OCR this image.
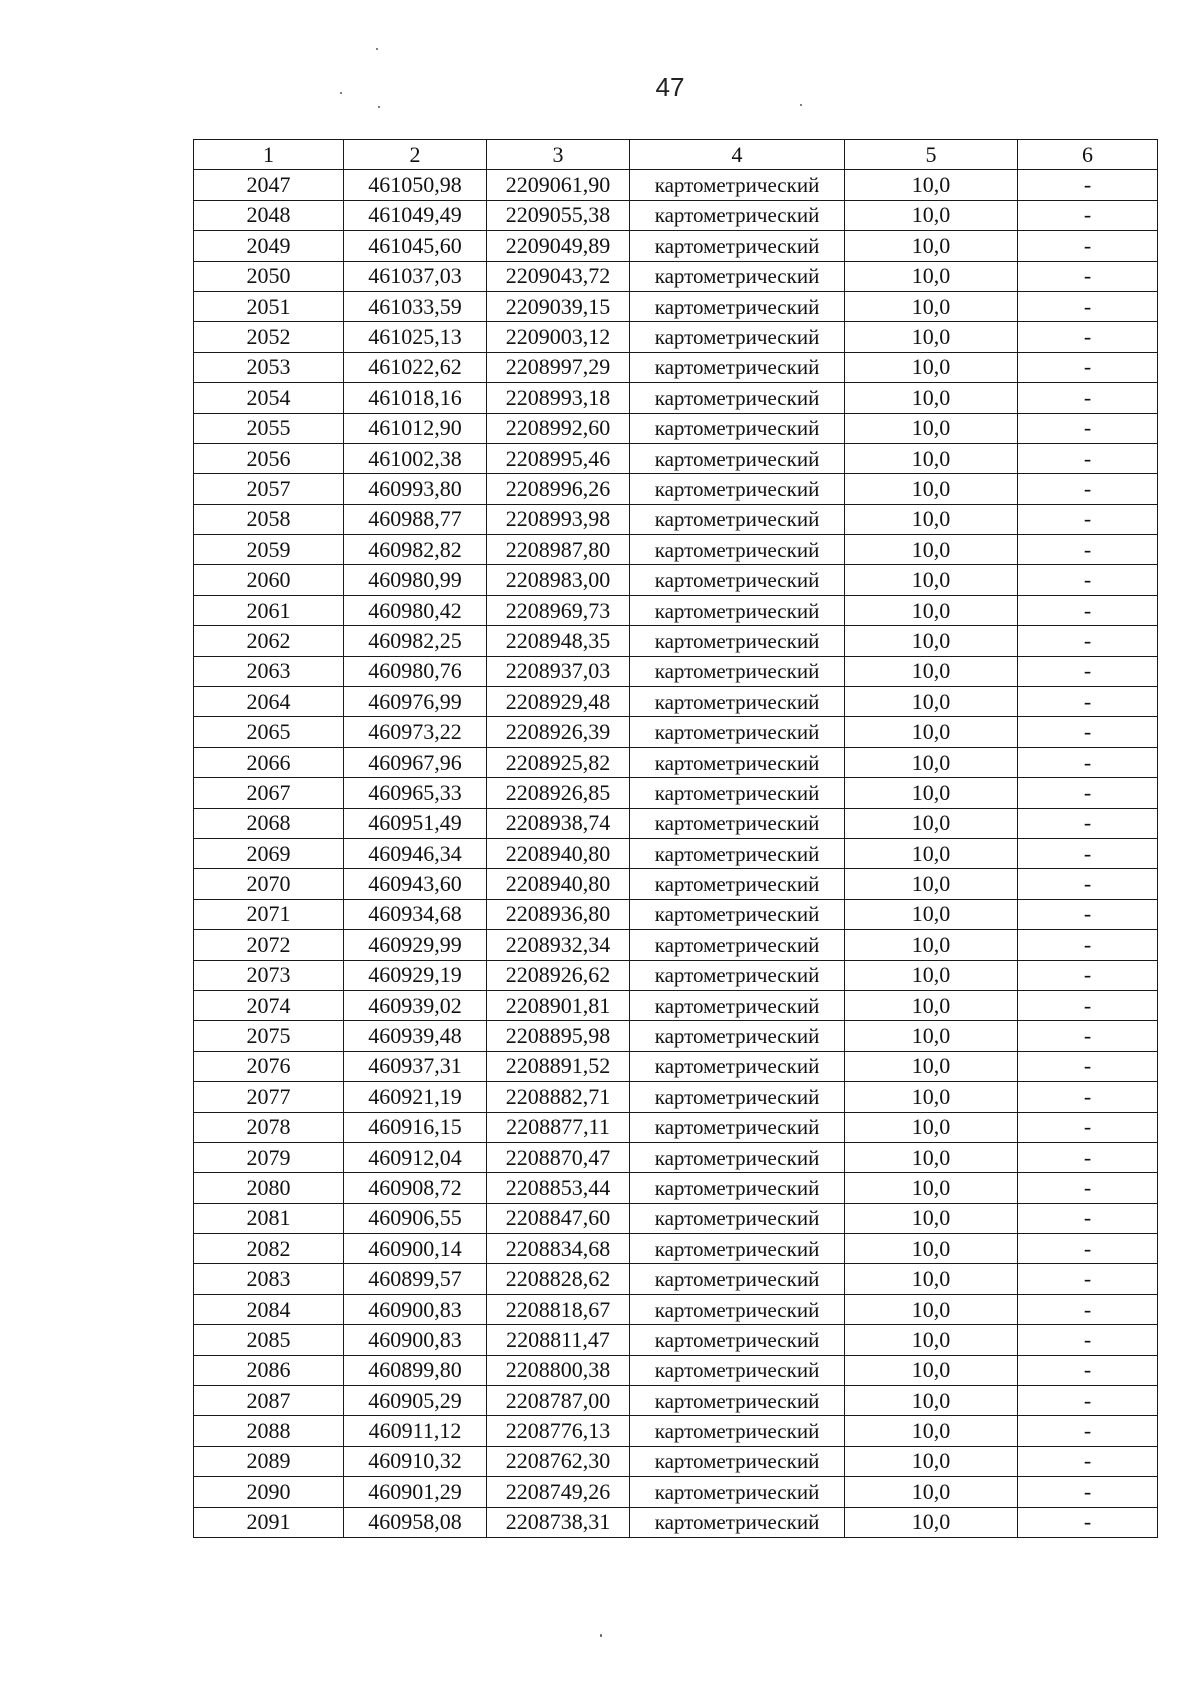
47
1	2	3	4	5	6
2047	461050,98	2209061,90	картометрический	10,0	-
2048	461049,49	2209055,38	картометрический	10,0	-
2049	461045,60	2209049,89	картометрический	10,0	-
2050	461037,03	2209043,72	картометрический	10,0	-
2051	461033,59	2209039,15	картометрический	10,0	-
2052	461025,13	2209003,12	картометрический	10,0	-
2053	461022,62	2208997,29	картометрический	10,0	-
2054	461018,16	2208993,18	картометрический	10,0	-
2055	461012,90	2208992,60	картометрический	10,0	-
2056	461002,38	2208995,46	картометрический	10,0	-
2057	460993,80	2208996,26	картометрический	10,0	-
2058	460988,77	2208993,98	картометрический	10,0	-
2059	460982,82	2208987,80	картометрический	10,0	-
2060	460980,99	2208983,00	картометрический	10,0	-
2061	460980,42	2208969,73	картометрический	10,0	-
2062	460982,25	2208948,35	картометрический	10,0	-
2063	460980,76	2208937,03	картометрический	10,0	-
2064	460976,99	2208929,48	картометрический	10,0	-
2065	460973,22	2208926,39	картометрический	10,0	-
2066	460967,96	2208925,82	картометрический	10,0	-
2067	460965,33	2208926,85	картометрический	10,0	-
2068	460951,49	2208938,74	картометрический	10,0	-
2069	460946,34	2208940,80	картометрический	10,0	-
2070	460943,60	2208940,80	картометрический	10,0	-
2071	460934,68	2208936,80	картометрический	10,0	-
2072	460929,99	2208932,34	картометрический	10,0	-
2073	460929,19	2208926,62	картометрический	10,0	-
2074	460939,02	2208901,81	картометрический	10,0	-
2075	460939,48	2208895,98	картометрический	10,0	-
2076	460937,31	2208891,52	картометрический	10,0	-
2077	460921,19	2208882,71	картометрический	10,0	-
2078	460916,15	2208877,11	картометрический	10,0	-
2079	460912,04	2208870,47	картометрический	10,0	-
2080	460908,72	2208853,44	картометрический	10,0	-
2081	460906,55	2208847,60	картометрический	10,0	-
2082	460900,14	2208834,68	картометрический	10,0	-
2083	460899,57	2208828,62	картометрический	10,0	-
2084	460900,83	2208818,67	картометрический	10,0	-
2085	460900,83	2208811,47	картометрический	10,0	-
2086	460899,80	2208800,38	картометрический	10,0	-
2087	460905,29	2208787,00	картометрический	10,0	-
2088	460911,12	2208776,13	картометрический	10,0	-
2089	460910,32	2208762,30	картометрический	10,0	-
2090	460901,29	2208749,26	картометрический	10,0	-
2091	460958,08	2208738,31	картометрический	10,0	-
